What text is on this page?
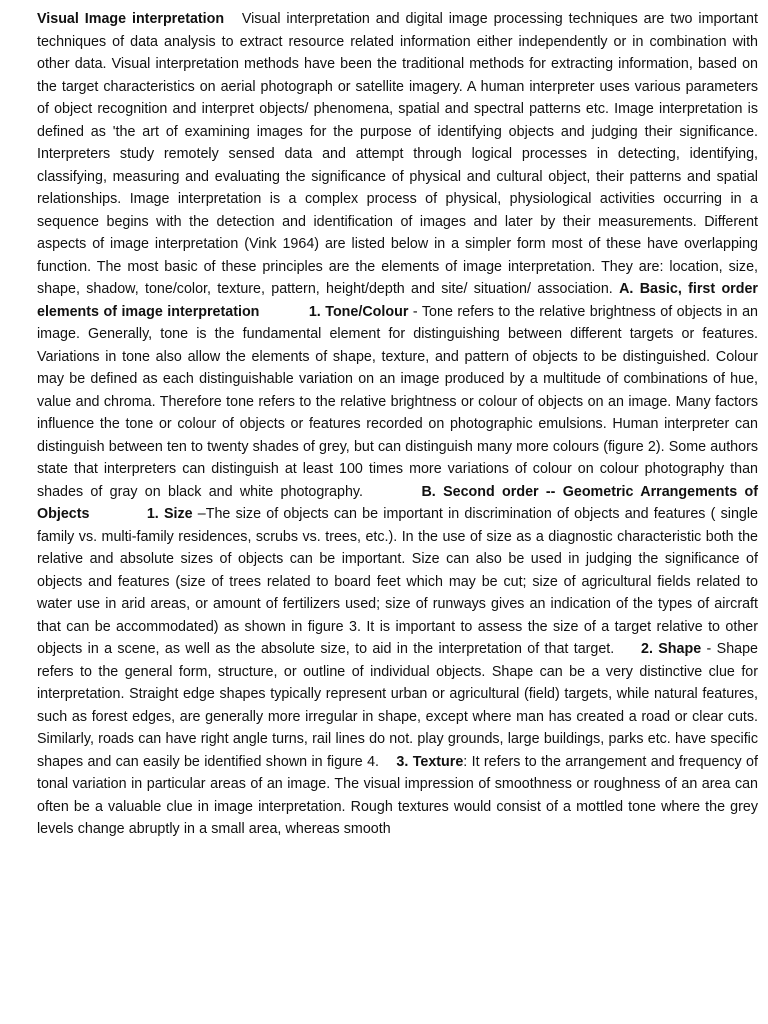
Visual Image interpretation Visual interpretation and digital image processing techniques are two important techniques of data analysis to extract resource related information either independently or in combination with other data. Visual interpretation methods have been the traditional methods for extracting information, based on the target characteristics on aerial photograph or satellite imagery. A human interpreter uses various parameters of object recognition and interpret objects/ phenomena, spatial and spectral patterns etc. Image interpretation is defined as 'the art of examining images for the purpose of identifying objects and judging their significance. Interpreters study remotely sensed data and attempt through logical processes in detecting, identifying, classifying, measuring and evaluating the significance of physical and cultural object, their patterns and spatial relationships. Image interpretation is a complex process of physical, physiological activities occurring in a sequence begins with the detection and identification of images and later by their measurements. Different aspects of image interpretation (Vink 1964) are listed below in a simpler form most of these have overlapping function. The most basic of these principles are the elements of image interpretation. They are: location, size, shape, shadow, tone/color, texture, pattern, height/depth and site/ situation/ association. A. Basic, first order elements of image interpretation	1. Tone/Colour - Tone refers to the relative brightness of objects in an image. Generally, tone is the fundamental element for distinguishing between different targets or features. Variations in tone also allow the elements of shape, texture, and pattern of objects to be distinguished. Colour may be defined as each distinguishable variation on an image produced by a multitude of combinations of hue, value and chroma. Therefore tone refers to the relative brightness or colour of objects on an image. Many factors influence the tone or colour of objects or features recorded on photographic emulsions. Human interpreter can distinguish between ten to twenty shades of grey, but can distinguish many more colours (figure 2). Some authors state that interpreters can distinguish at least 100 times more variations of colour on colour photography than shades of gray on black and white photography.	B. Second order -- Geometric Arrangements of Objects	1. Size –The size of objects can be important in discrimination of objects and features ( single family vs. multi-family residences, scrubs vs. trees, etc.). In the use of size as a diagnostic characteristic both the relative and absolute sizes of objects can be important. Size can also be used in judging the significance of objects and features (size of trees related to board feet which may be cut; size of agricultural fields related to water use in arid areas, or amount of fertilizers used; size of runways gives an indication of the types of aircraft that can be accommodated) as shown in figure 3. It is important to assess the size of a target relative to other objects in a scene, as well as the absolute size, to aid in the interpretation of that target. 2. Shape - Shape refers to the general form, structure, or outline of individual objects. Shape can be a very distinctive clue for interpretation. Straight edge shapes typically represent urban or agricultural (field) targets, while natural features, such as forest edges, are generally more irregular in shape, except where man has created a road or clear cuts. Similarly, roads can have right angle turns, rail lines do not. play grounds, large buildings, parks etc. have specific shapes and can easily be identified shown in figure 4. 3. Texture: It refers to the arrangement and frequency of tonal variation in particular areas of an image. The visual impression of smoothness or roughness of an area can often be a valuable clue in image interpretation. Rough textures would consist of a mottled tone where the grey levels change abruptly in a small area, whereas smooth
